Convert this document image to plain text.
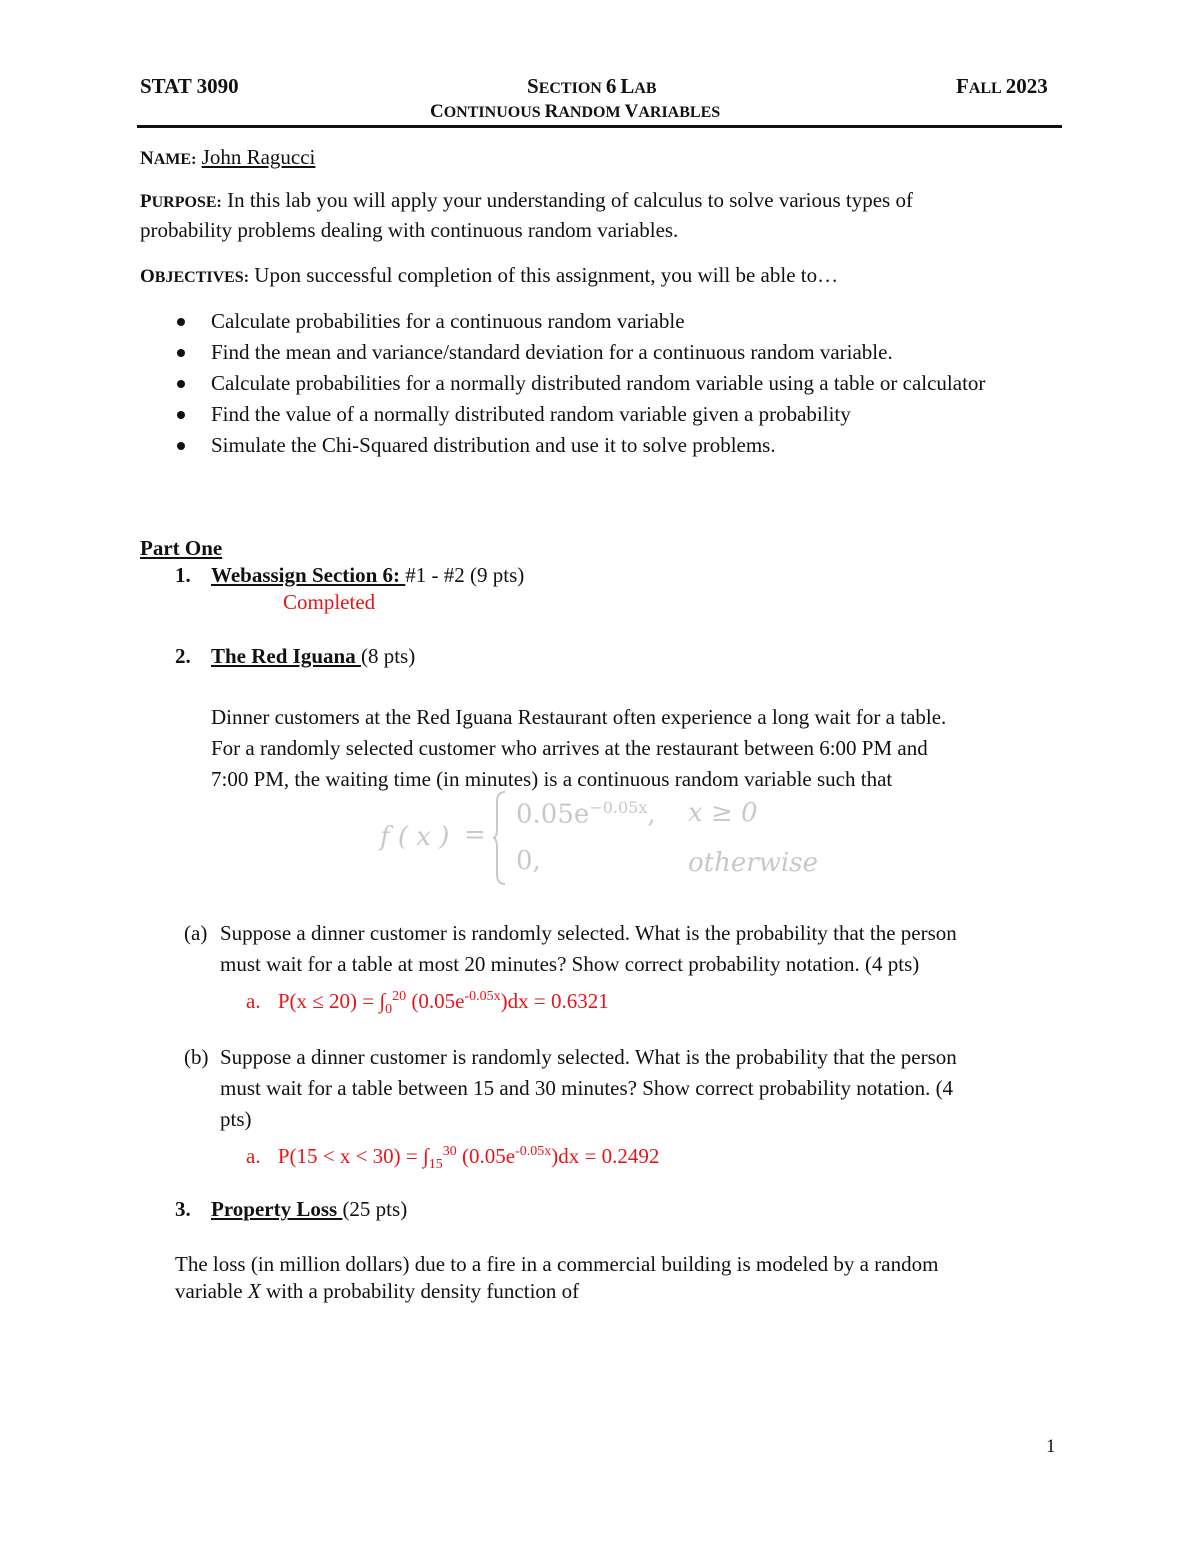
STAT 3090	SECTION 6 LAB	FALL 2023
CONTINUOUS RANDOM VARIABLES
NAME: John Ragucci
PURPOSE: In this lab you will apply your understanding of calculus to solve various types of
probability problems dealing with continuous random variables.
OBJECTIVES: Upon successful completion of this assignment, you will be able to…
Calculate probabilities for a continuous random variable
Find the mean and variance/standard deviation for a continuous random variable.
Calculate probabilities for a normally distributed random variable using a table or calculator
Find the value of a normally distributed random variable given a probability
Simulate the Chi-Squared distribution and use it to solve problems.
Part One
1. Webassign Section 6: #1 - #2 (9 pts)
Completed
2. The Red Iguana (8 pts)
Dinner customers at the Red Iguana Restaurant often experience a long wait for a table.
For a randomly selected customer who arrives at the restaurant between 6:00 PM and
7:00 PM, the waiting time (in minutes) is a continuous random variable such that
f ( x ) =
$0.05e^{-0.05x}$, x ≥ 0
0,	otherwise
(a) Suppose a dinner customer is randomly selected. What is the probability that the person
must wait for a table at most 20 minutes? Show correct probability notation. (4 pts)
a. $P(x \le 20) = \int_0^{20}$ $(0.05e^{-0.05x})dx = 0.6321$
(b) Suppose a dinner customer is randomly selected. What is the probability that the person
must wait for a table between 15 and 30 minutes? Show correct probability notation. (4
pts)
a. $P(15 < x < 30) = \int_{15}^{30}$ $(0.05e^{-0.05x})dx = 0.2492$
3. Property Loss (25 pts)
The loss (in million dollars) due to a fire in a commercial building is modeled by a random
variable X with a probability density function of
1
